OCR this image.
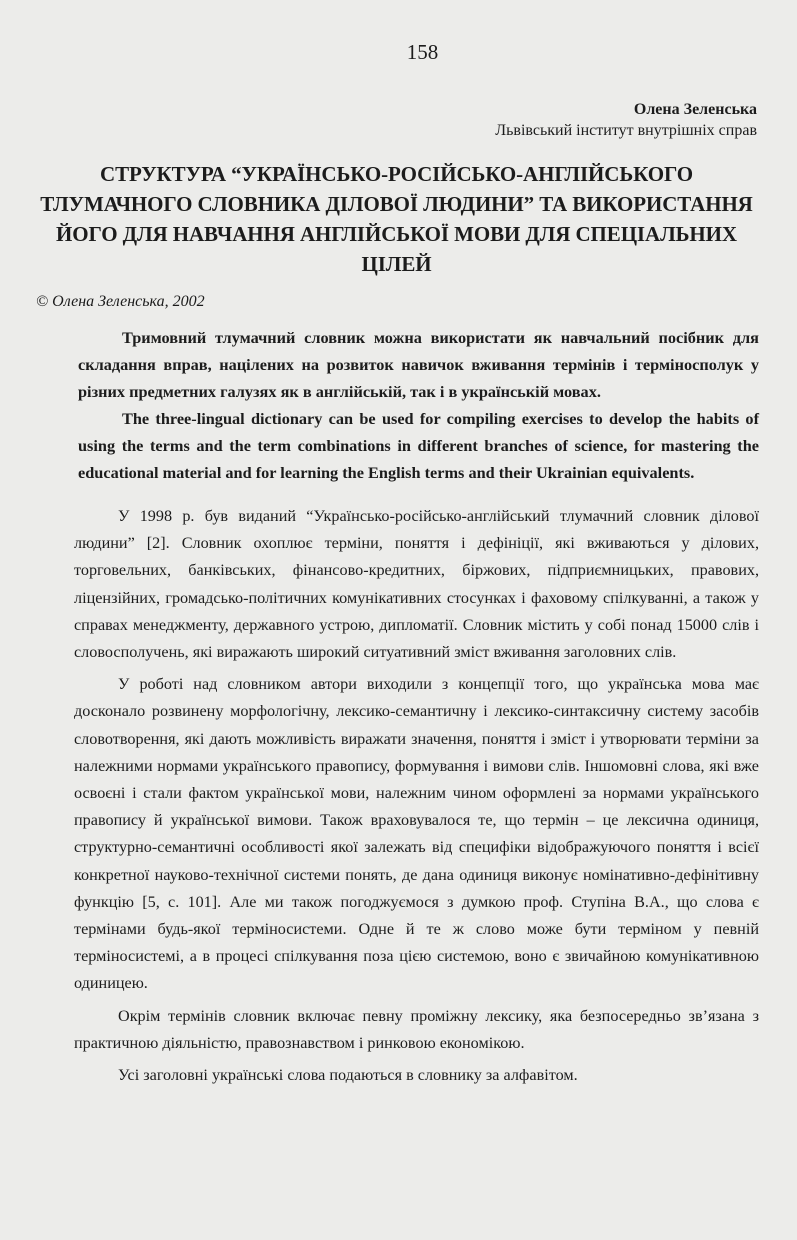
158
Олена Зеленська
Львівський інститут внутрішніх справ
СТРУКТУРА “УКРАЇНСЬКО-РОСІЙСЬКО-АНГЛІЙСЬКОГО ТЛУМАЧНОГО СЛОВНИКА ДІЛОВОЇ ЛЮДИНИ” ТА ВИКОРИСТАННЯ ЙОГО ДЛЯ НАВЧАННЯ АНГЛІЙСЬКОЇ МОВИ ДЛЯ СПЕЦІАЛЬНИХ ЦІЛЕЙ
© Олена Зеленська, 2002

Тримовний тлумачний словник можна використати як навчальний посібник для складання вправ, націлених на розвиток навичок вживання термінів і терміносполук у різних предметних галузях як в англійській, так і в українській мовах.

The three-lingual dictionary can be used for compiling exercises to develop the habits of using the terms and the term combinations in different branches of science, for mastering the educational material and for learning the English terms and their Ukrainian equivalents.

У 1998 р. був виданий “Українсько-російсько-англійський тлумачний словник ділової людини” [2]. Словник охоплює терміни, поняття і дефініції, які вживаються у ділових, торговельних, банківських, фінансово-кредитних, біржових, підприємницьких, правових, ліцензійних, громадсько-політичних комунікативних стосунках і фаховому спілкуванні, а також у справах менеджменту, державного устрою, дипломатії. Словник містить у собі понад 15000 слів і словосполучень, які виражають широкий ситуативний зміст вживання заголовних слів.

У роботі над словником автори виходили з концепції того, що українська мова має досконало розвинену морфологічну, лексико-семантичну і лексико-синтаксичну систему засобів словотворення, які дають можливість виражати значення, поняття і зміст і утворювати терміни за належними нормами українського правопису, формування і вимови слів. Іншомовні слова, які вже освоєні і стали фактом української мови, належним чином оформлені за нормами українського правопису й української вимови. Також враховувалося те, що термін – це лексична одиниця, структурно-семантичні особливості якої залежать від специфіки відображуючого поняття і всієї конкретної науково-технічної системи понять, де дана одиниця виконує номінативно-дефінітивну функцію [5, с. 101]. Але ми також погоджуємося з думкою проф. Ступіна В.А., що слова є термінами будь-якої терміносистеми. Одне й те ж слово може бути терміном у певній терміносистемі, а в процесі спілкування поза цією системою, воно є звичайною комунікативною одиницею.

Окрім термінів словник включає певну проміжну лексику, яка безпосередньо зв’язана з практичною діяльністю, правознавством і ринковою економікою.

Усі заголовні українські слова подаються в словнику за алфавітом.
